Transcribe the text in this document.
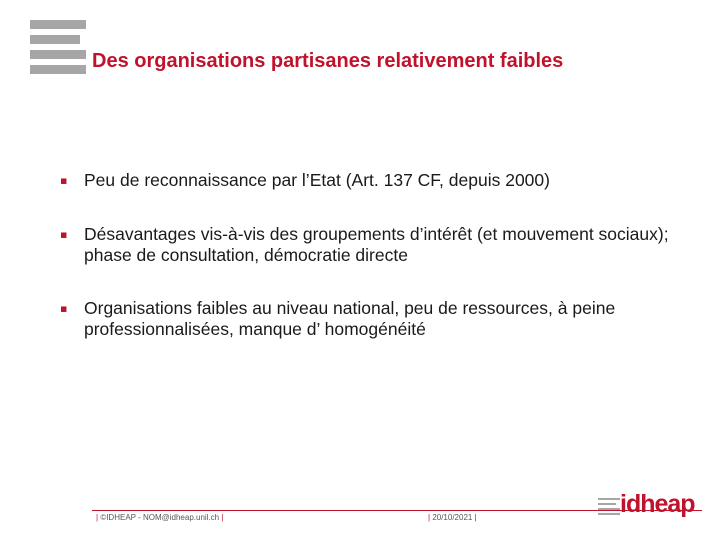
Des organisations partisanes relativement faibles
▪ Peu de reconnaissance par l’Etat (Art. 137 CF, depuis 2000)
▪ Désavantages vis-à-vis des groupements d’intérêt (et mouvement sociaux); phase de consultation, démocratie directe
▪ Organisations faibles au niveau national, peu de ressources, à peine professionnalisées, manque d’ homogénéité
| ©IDHEAP - NOM@idheap.unil.ch |	| 20/10/2021 |	idheap
